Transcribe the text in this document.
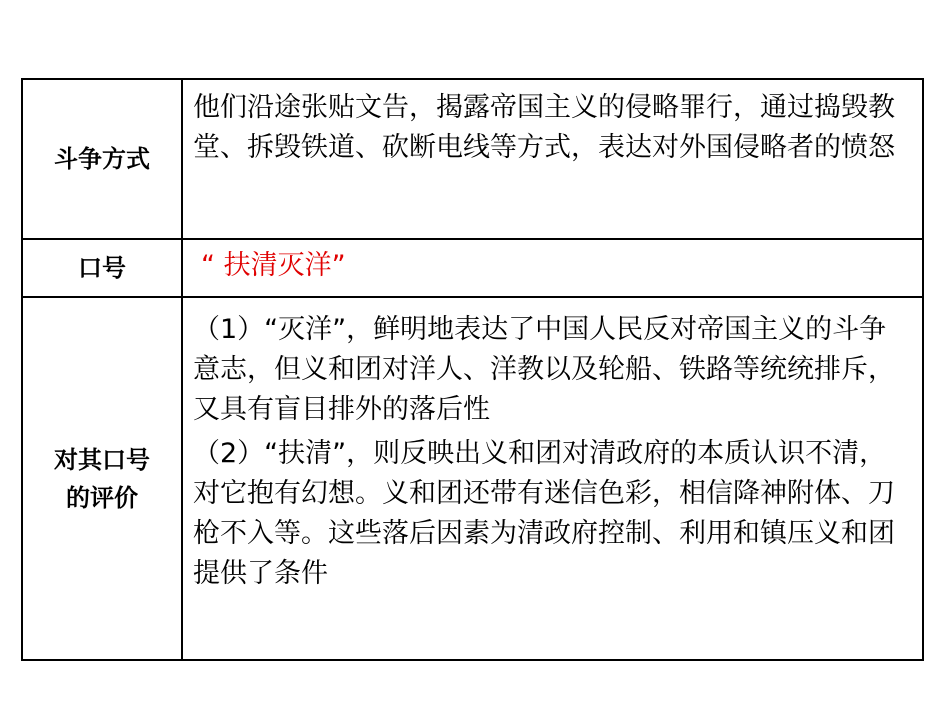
斗争方式	他们沿途张贴文告，揭露帝国主义的侵略罪行，通过捣毁教堂、拆毁铁道、砍断电线等方式，表达对外国侵略者的愤怒
口号	“ 扶清灭洋”

对其口号
的评价	（1）“灭洋”，鲜明地表达了中国人民反对帝国主义的斗争意志，但义和团对洋人、洋教以及轮船、铁路等统统排斥，又具有盲目排外的落后性
（2）“扶清”，则反映出义和团对清政府的本质认识不清，对它抱有幻想。义和团还带有迷信色彩，相信降神附体、刀枪不入等。这些落后因素为清政府控制、利用和镇压义和团提供了条件
